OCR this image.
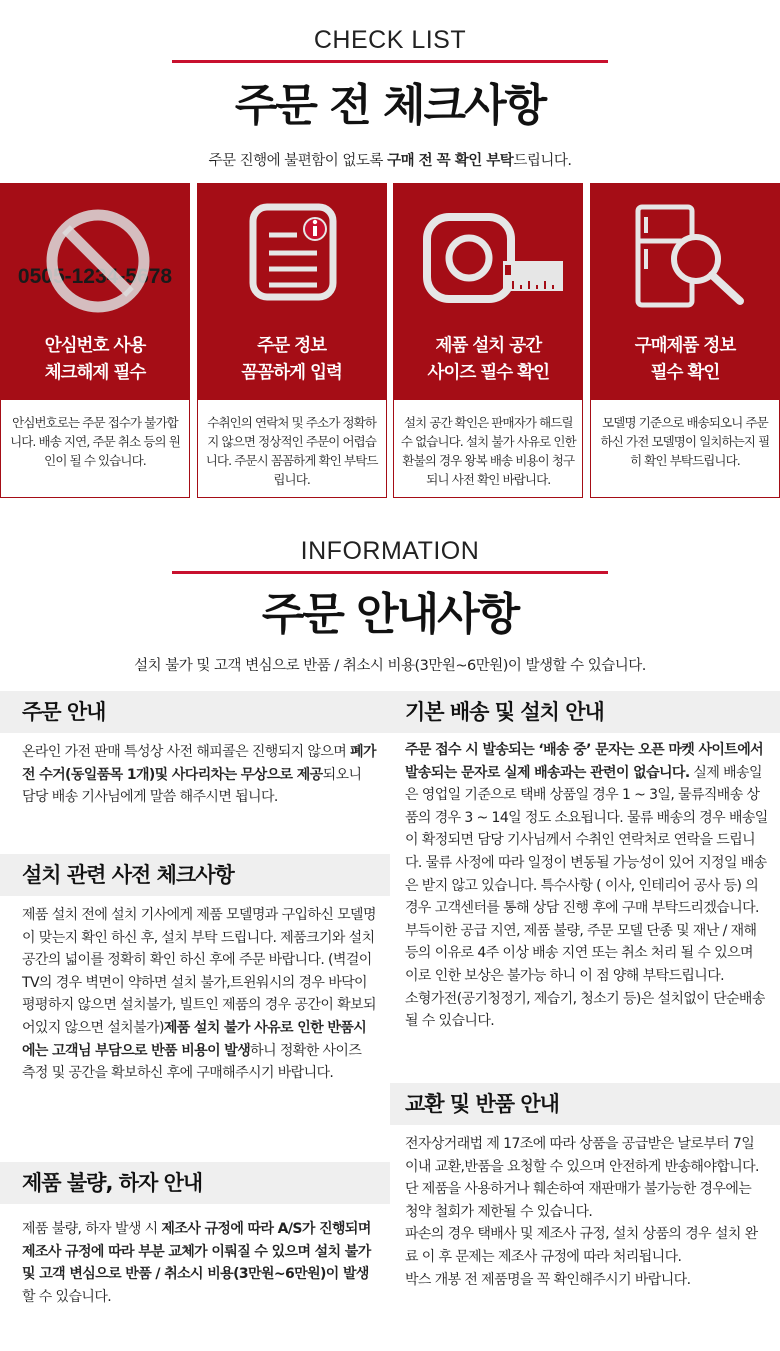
CHECK LIST
주문 전 체크사항
주문 진행에 불편함이 없도록 구매 전 꼭 확인 부탁드립니다.
0505-1234-5678
안심번호 사용
체크해제 필수
안심번호로는 주문 접수가 불가합니다. 배송 지연, 주문 취소 등의 원인이 될 수 있습니다.
주문 정보
꼼꼼하게 입력
수취인의 연락처 및 주소가 정확하지 않으면 정상적인 주문이 어렵습니다. 주문시 꼼꼼하게 확인 부탁드립니다.
제품 설치 공간
사이즈 필수 확인
설치 공간 확인은 판매자가 해드릴 수 없습니다. 설치 불가 사유로 인한 환불의 경우 왕복 배송 비용이 청구되니 사전 확인 바랍니다.
구매제품 정보
필수 확인
모델명 기준으로 배송되오니 주문하신 가전 모델명이 일치하는지 필히 확인 부탁드립니다.
INFORMATION
주문 안내사항
설치 불가 및 고객 변심으로 반품 / 취소시 비용(3만원~6만원)이 발생할 수 있습니다.
주문 안내
온라인 가전 판매 특성상 사전 해피콜은 진행되지 않으며 폐가전 수거(동일품목 1개)및 사다리차는 무상으로 제공되오니 담당 배송 기사님에게 말씀 해주시면 됩니다.
설치 관련 사전 체크사항
제품 설치 전에 설치 기사에게 제품 모델명과 구입하신 모델명이 맞는지 확인 하신 후, 설치 부탁 드립니다. 제품크기와 설치 공간의 넓이를 정확히 확인 하신 후에 주문 바랍니다. (벽걸이 TV의 경우 벽면이 약하면 설치 불가,트윈워시의 경우 바닥이 평평하지 않으면 설치불가, 빌트인 제품의 경우 공간이 확보되어있지 않으면 설치불가)제품 설치 불가 사유로 인한 반품시에는 고객님 부담으로 반품 비용이 발생하니 정확한 사이즈 측정 및 공간을 확보하신 후에 구매해주시기 바랍니다.
제품 불량, 하자 안내
제품 불량, 하자 발생 시 제조사 규정에 따라 A/S가 진행되며 제조사 규정에 따라 부분 교체가 이뤄질 수 있으며 설치 불가 및 고객 변심으로 반품 / 취소시 비용(3만원~6만원)이 발생할 수 있습니다.
기본 배송 및 설치 안내
주문 접수 시 발송되는 ‘배송 중’ 문자는 오픈 마켓 사이트에서 발송되는 문자로 실제 배송과는 관련이 없습니다. 실제 배송일은 영업일 기준으로 택배 상품일 경우 1 ~ 3일, 물류직배송 상품의 경우 3 ~ 14일 정도 소요됩니다. 물류 배송의 경우 배송일이 확정되면 담당 기사님께서 수취인 연락처로 연락을 드립니다. 물류 사정에 따라 일정이 변동될 가능성이 있어 지정일 배송은 받지 않고 있습니다. 특수사항 ( 이사, 인테리어 공사 등) 의 경우 고객센터를 통해 상담 진행 후에 구매 부탁드리겠습니다.부득이한 공급 지연, 제품 불량, 주문 모델 단종 및 재난 / 재해 등의 이유로 4주 이상 배송 지연 또는 취소 처리 될 수 있으며 이로 인한 보상은 불가능 하니 이 점 양해 부탁드립니다.
소형가전(공기청정기, 제습기, 청소기 등)은 설치없이 단순배송 될 수 있습니다.
교환 및 반품 안내
전자상거래법 제 17조에 따라 상품을 공급받은 날로부터 7일 이내 교환,반품을 요청할 수 있으며 안전하게 반송해야합니다. 단 제품을 사용하거나 훼손하여 재판매가 불가능한 경우에는 청약 철회가 제한될 수 있습니다.
파손의 경우 택배사 및 제조사 규정, 설치 상품의 경우 설치 완료 이 후 문제는 제조사 규정에 따라 처리됩니다.
박스 개봉 전 제품명을 꼭 확인해주시기 바랍니다.
